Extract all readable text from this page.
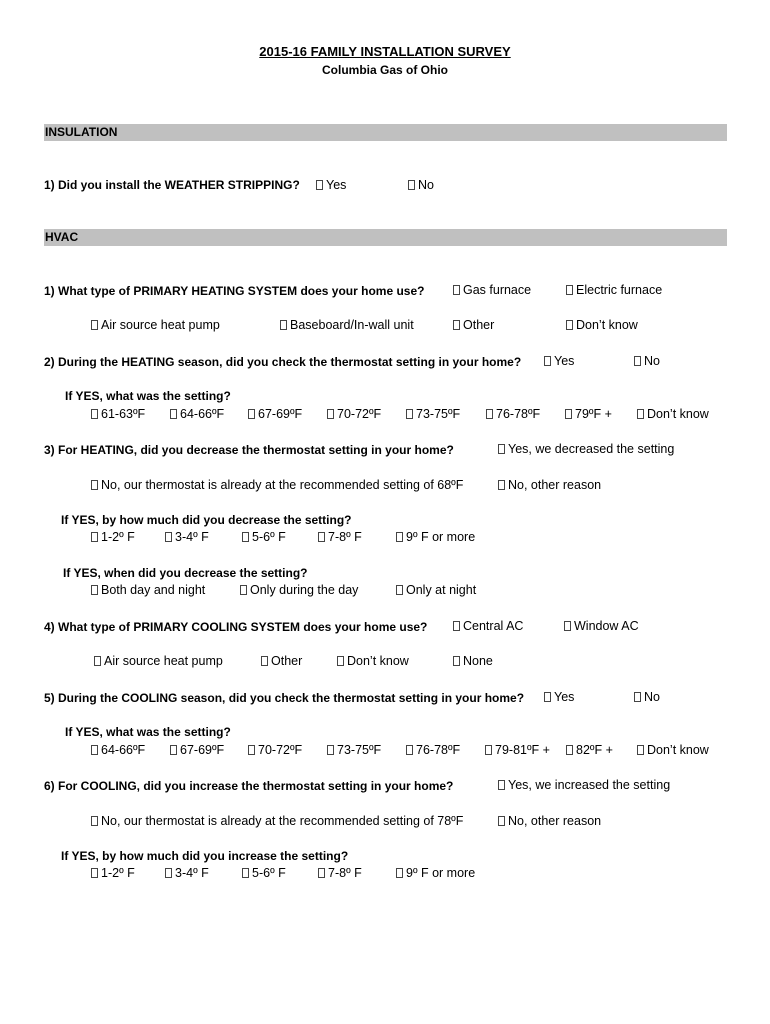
2015-16 FAMILY INSTALLATION SURVEY
Columbia Gas of Ohio
INSULATION
1) Did you install the WEATHER STRIPPING?	Yes	No
HVAC
1) What type of PRIMARY HEATING SYSTEM does your home use?	Gas furnace	Electric furnace
Air source heat pump	Baseboard/In-wall unit	Other	Don’t know
2) During the HEATING season, did you check the thermostat setting in your home?	Yes	No
If YES, what was the setting?
61-63ºF	64-66ºF	67-69ºF	70-72ºF	73-75ºF	76-78ºF	79ºF +	Don’t know
3) For HEATING, did you decrease the thermostat setting in your home?	Yes, we decreased the setting
No, our thermostat is already at the recommended setting of 68ºF	No, other reason
If YES, by how much did you decrease the setting?
1-2º F	3-4º F	5-6º F	7-8º F	9º F or more
If YES, when did you decrease the setting?
Both day and night	Only during the day	Only at night
4) What type of PRIMARY COOLING SYSTEM does your home use?	Central AC	Window AC
Air source heat pump	Other	Don’t know	None
5) During the COOLING season, did you check the thermostat setting in your home?	Yes	No
If YES, what was the setting?
64-66ºF	67-69ºF	70-72ºF	73-75ºF	76-78ºF	79-81ºF +	82ºF +	Don’t know
6) For COOLING, did you increase the thermostat setting in your home?	Yes, we increased the setting
No, our thermostat is already at the recommended setting of 78ºF	No, other reason
If YES, by how much did you increase the setting?
1-2º F	3-4º F	5-6º F	7-8º F	9º F or more
